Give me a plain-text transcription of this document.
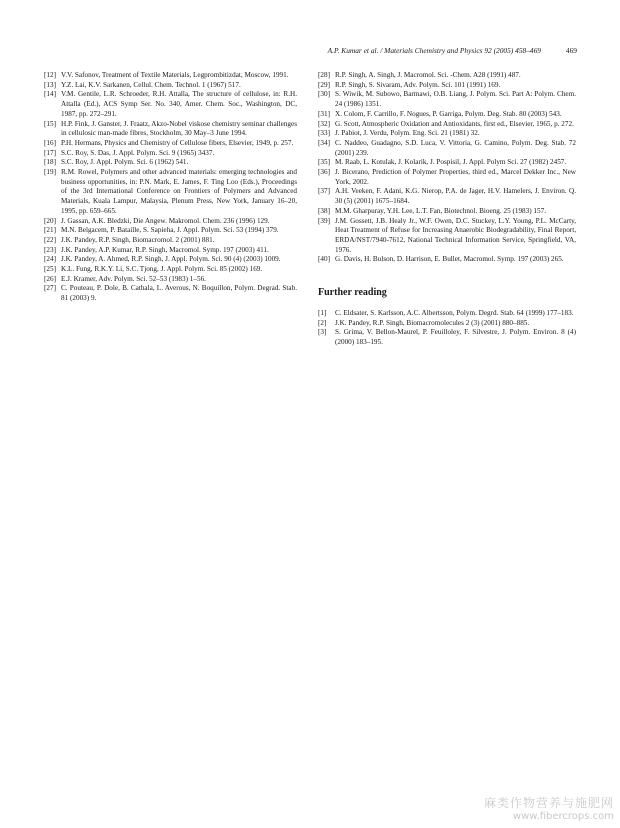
A.P. Kumar et al. / Materials Chemistry and Physics 92 (2005) 458–469	469

[12] V.V. Safonov, Treatment of Textile Materials, Legprombitizdat, Moscow, 1991.

[13] Y.Z. Lai, K.V. Sarkanen, Cellul. Chem. Technol. 1 (1967) 517.

[14] V.M. Gentile, L.R. Schroeder, R.H. Attalla, The structure of cellulose, in: R.H. Attalla (Ed.), ACS Symp Ser. No. 340, Amer. Chem. Soc., Washington, DC, 1987, pp. 272–291.

[15] H.P. Fink, J. Ganster, J. Fraatz, Akzo-Nobel viskose chemistry seminar challenges in cellulosic man-made fibres, Stockholm, 30 May–3 June 1994.

[16] P.H. Hermans, Physics and Chemistry of Cellulose fibers, Elsevier, 1949, p. 257.

[17] S.C. Roy, S. Das, J. Appl. Polym. Sci. 9 (1965) 3437.

[18] S.C. Roy, J. Appl. Polym. Sci. 6 (1962) 541.

[19] R.M. Rowel, Polymers and other advanced materials: emerging technologies and business opportunities, in: P.N. Mark, E. James, F. Ting Loo (Eds.), Proceedings of the 3rd International Conference on Frontiers of Polymers and Advanced Materials, Kuala Lampur, Malaysia, Plenum Press, New York, January 16–20, 1995, pp. 659–665.

[20] J. Gassan, A.K. Bledzki, Die Angew. Makromol. Chem. 236 (1996) 129.

[21] M.N. Belgacem, P. Bataille, S. Sapieha, J. Appl. Polym. Sci. 53 (1994) 379.

[22] J.K. Pandey, R.P. Singh, Biomacromol. 2 (2001) 881.

[23] J.K. Pandey, A.P. Kumar, R.P. Singh, Macromol. Symp. 197 (2003) 411.

[24] J.K. Pandey, A. Ahmed, R.P. Singh, J. Appl. Polym. Sci. 90 (4) (2003) 1009.

[25] K.L. Fung, R.K.Y. Li, S.C. Tjong, J. Appl. Polym. Sci. 85 (2002) 169.

[26] E.J. Kramer, Adv. Polym. Sci. 52–53 (1983) 1–56.

[27] C. Pouteau, P. Dole, B. Cathala, L. Averous, N. Boquillon, Polym. Degrad. Stab. 81 (2003) 9.

[28] R.P. Singh, A. Singh, J. Macromol. Sci. -Chem. A28 (1991) 487.

[29] R.P. Singh, S. Sivaram, Adv. Polym. Sci. 101 (1991) 169.

[30] S. Wiwik, M. Subowo, Barmawi, O.B. Liang, J. Polym. Sci. Part A: Polym. Chem. 24 (1986) 1351.

[31] X. Colom, F. Carrillo, F. Nogues, P. Garriga, Polym. Deg. Stab. 80 (2003) 543.

[32] G. Scott, Atmospheric Oxidation and Antioxidants, first ed., Elsevier, 1965, p. 272.

[33] J. Pabiot, J. Verdu, Polym. Eng. Sci. 21 (1981) 32.

[34] C. Naddeo, Guadagno, S.D. Luca, V. Vittoria, G. Camino, Polym. Deg. Stab. 72 (2001) 239.

[35] M. Raab, L. Kotulak, J. Kolarik, J. Pospisil, J. Appl. Polym Sci. 27 (1982) 2457.

[36] J. Bicerano, Prediction of Polymer Properties, third ed., Marcel Dekker Inc., New York, 2002.

[37] A.H. Veeken, F. Adani, K.G. Nierop, P.A. de Jager, H.V. Hamelers, J. Environ. Q. 30 (5) (2001) 1675–1684.

[38] M.M. Gharpuray, Y.H. Lee, L.T. Fan, Biotechnol. Bioeng. 25 (1983) 157.

[39] J.M. Gossett, J.B. Healy Jr., W.F. Owen, D.C. Stuckey, L.Y. Young, P.L. McCarty, Heat Treatment of Refuse for Increasing Anaerobic Biodegradability, Final Report, ERDA/NST/7940-7612, National Technical Information Service, Springfield, VA, 1976.

[40] G. Davis, H. Bulson, D. Harrison, E. Bullet, Macromol. Symp. 197 (2003) 265.

Further reading

[1] C. Eldsater, S. Karlsson, A.C. Albertsson, Polym. Degrd. Stab. 64 (1999) 177–183.

[2] J.K. Pandey, R.P. Singh, Biomacromolecules 2 (3) (2001) 880–885.

[3] S. Grima, V. Bellon-Maurel, P. Feuilloley, F. Silvestre, J. Polym. Environ. 8 (4) (2000) 183–195.

麻类作物营养与施肥网
www.fibercrops.com
